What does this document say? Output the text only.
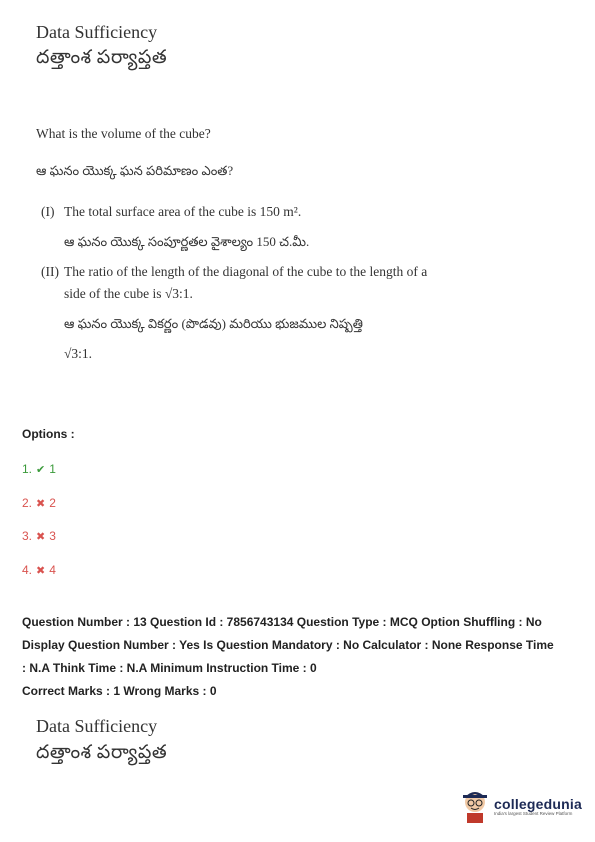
Data Sufficiency
దత్తాంశ పర్యాప్తత
What is the volume of the cube?
ఆ ఘనం యొక్క ఘన పరిమాణం ఎంత?
(I) The total surface area of the cube is 150 m².
ఆ ఘనం యొక్క సంపూర్ణతల వైశాల్యం 150 చ.మీ.
(II) The ratio of the length of the diagonal of the cube to the length of a
side of the cube is √3:1.
ఆ ఘనం యొక్క వికర్ణం (పొడవు) మరియు భుజముల నిష్పత్తి
√3:1.
Options :
1. ✔ 1
2. ✖ 2
3. ✖ 3
4. ✖ 4
Question Number : 13 Question Id : 7856743134 Question Type : MCQ Option Shuffling : No
Display Question Number : Yes Is Question Mandatory : No Calculator : None Response Time
: N.A Think Time : N.A Minimum Instruction Time : 0
Correct Marks : 1 Wrong Marks : 0
Data Sufficiency
దత్తాంశ పర్యాప్తత
collegedunia
India's largest Student Review Platform
